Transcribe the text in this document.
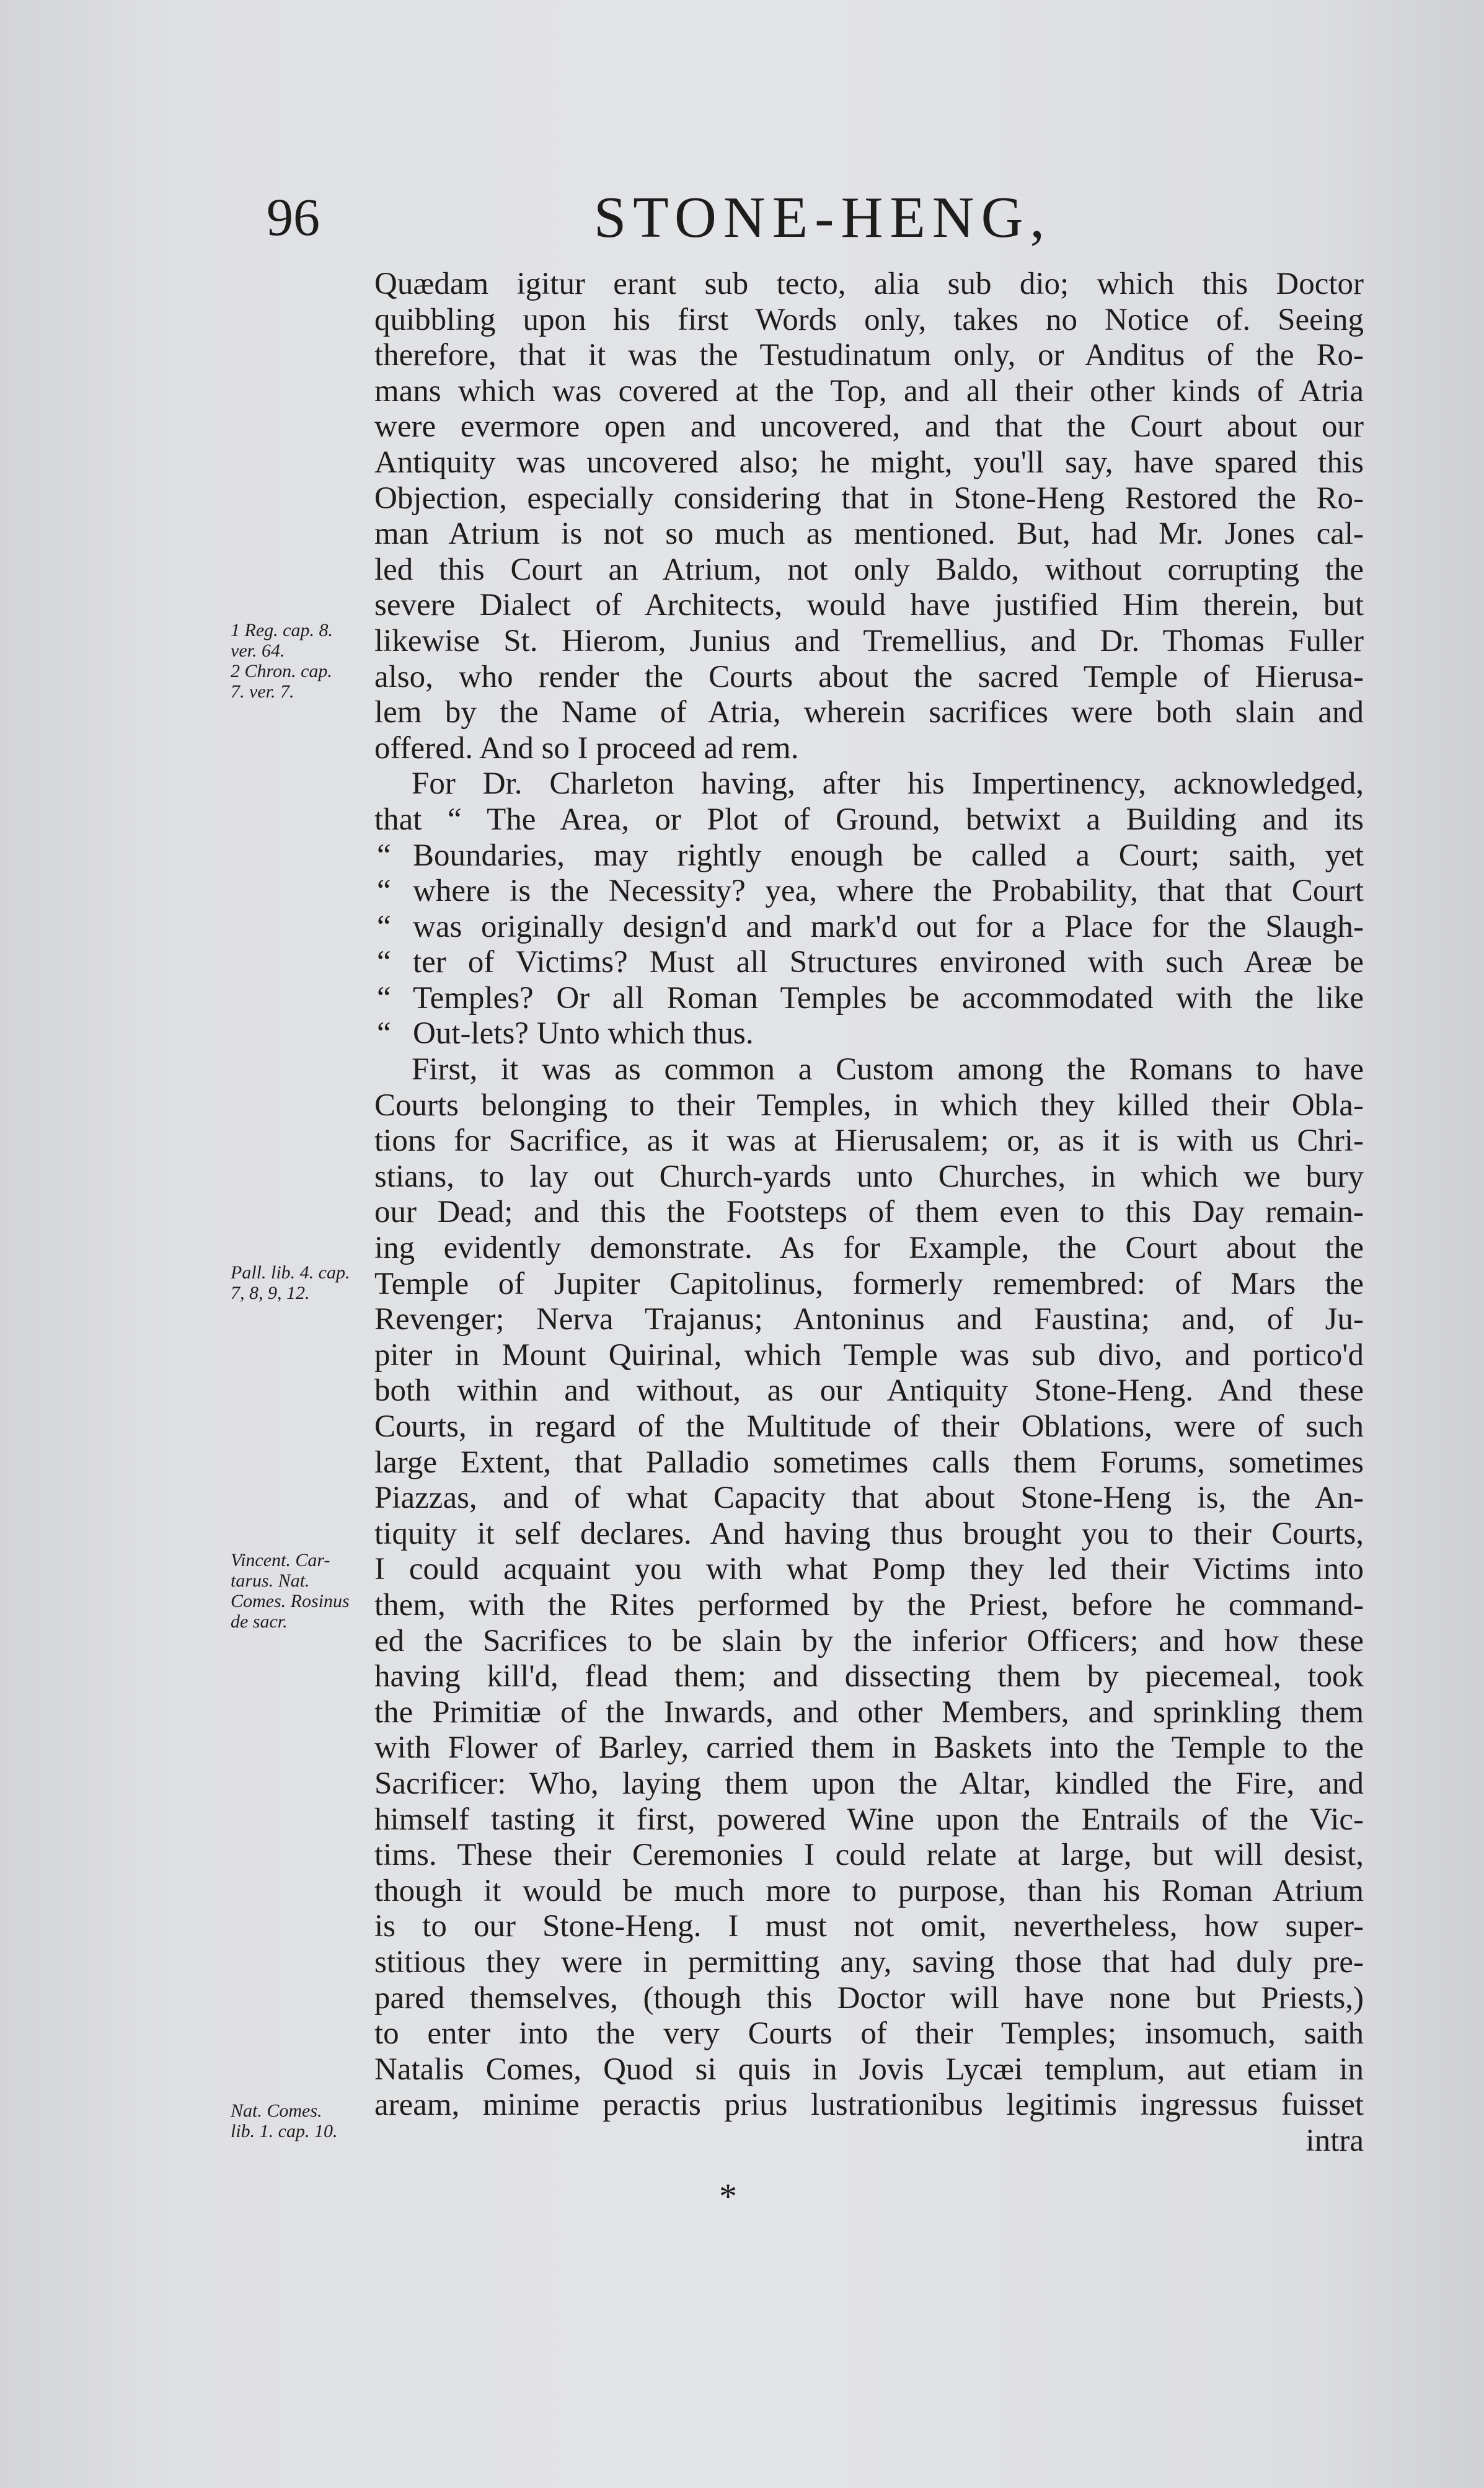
96	STONE-HENG,
1 Reg. cap. 8.
ver. 64.
2 Chron. cap.
7. ver. 7.
Pall. lib. 4. cap.
7, 8, 9, 12.
Vincent. Car-
tarus. Nat.
Comes. Rosinus
de sacr.
Nat. Comes.
lib. 1. cap. 10.
Quædam igitur erant sub tecto, alia sub dio; which this Doctor
quibbling upon his first Words only, takes no Notice of. Seeing
therefore, that it was the Testudinatum only, or Anditus of the Ro-
mans which was covered at the Top, and all their other kinds of Atria
were evermore open and uncovered, and that the Court about our
Antiquity was uncovered also; he might, you'll say, have spared this
Objection, especially considering that in Stone-Heng Restored the Ro-
man Atrium is not so much as mentioned. But, had Mr. Jones cal-
led this Court an Atrium, not only Baldo, without corrupting the
severe Dialect of Architects, would have justified Him therein, but
likewise St. Hierom, Junius and Tremellius, and Dr. Thomas Fuller
also, who render the Courts about the sacred Temple of Hierusa-
lem by the Name of Atria, wherein sacrifices were both slain and
offered. And so I proceed ad rem.
For Dr. Charleton having, after his Impertinency, acknowledged,
that “ The Area, or Plot of Ground, betwixt a Building and its
“ Boundaries, may rightly enough be called a Court; saith, yet
“ where is the Necessity? yea, where the Probability, that that Court
“ was originally design'd and mark'd out for a Place for the Slaugh-
“ ter of Victims? Must all Structures environed with such Areæ be
“ Temples? Or all Roman Temples be accommodated with the like
“ Out-lets? Unto which thus.
First, it was as common a Custom among the Romans to have
Courts belonging to their Temples, in which they killed their Obla-
tions for Sacrifice, as it was at Hierusalem; or, as it is with us Chri-
stians, to lay out Church-yards unto Churches, in which we bury
our Dead; and this the Footsteps of them even to this Day remain-
ing evidently demonstrate. As for Example, the Court about the
Temple of Jupiter Capitolinus, formerly remembred: of Mars the
Revenger; Nerva Trajanus; Antoninus and Faustina; and, of Ju-
piter in Mount Quirinal, which Temple was sub divo, and portico'd
both within and without, as our Antiquity Stone-Heng. And these
Courts, in regard of the Multitude of their Oblations, were of such
large Extent, that Palladio sometimes calls them Forums, sometimes
Piazzas, and of what Capacity that about Stone-Heng is, the An-
tiquity it self declares. And having thus brought you to their Courts,
I could acquaint you with what Pomp they led their Victims into
them, with the Rites performed by the Priest, before he command-
ed the Sacrifices to be slain by the inferior Officers; and how these
having kill'd, flead them; and dissecting them by piecemeal, took
the Primitiæ of the Inwards, and other Members, and sprinkling them
with Flower of Barley, carried them in Baskets into the Temple to the
Sacrificer: Who, laying them upon the Altar, kindled the Fire, and
himself tasting it first, powered Wine upon the Entrails of the Vic-
tims. These their Ceremonies I could relate at large, but will desist,
though it would be much more to purpose, than his Roman Atrium
is to our Stone-Heng. I must not omit, nevertheless, how super-
stitious they were in permitting any, saving those that had duly pre-
pared themselves, (though this Doctor will have none but Priests,)
to enter into the very Courts of their Temples; insomuch, saith
Natalis Comes, Quod si quis in Jovis Lycæi templum, aut etiam in
aream, minime peractis prius lustrationibus legitimis ingressus fuisset
intra
*
